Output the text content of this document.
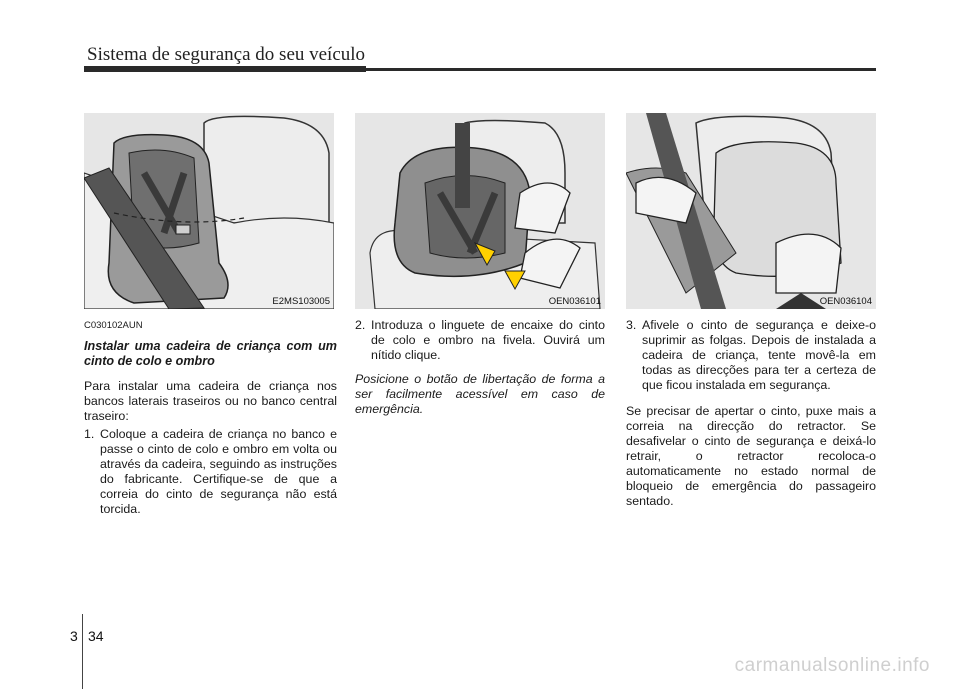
Sistema de segurança do seu veículo
E2MS103005	OEN036101	OEN036104

C030102AUN

Instalar uma cadeira de criança com um cinto de colo e ombro

Para instalar uma cadeira de criança nos bancos laterais traseiros ou no banco central traseiro:

1. Coloque a cadeira de criança no banco e passe o cinto de colo e ombro em volta ou através da cadeira, seguindo as instruções do fabricante. Certifique-se de que a correia do cinto de segurança não está torcida.
2. Introduza o linguete de encaixe do cinto de colo e ombro na fivela. Ouvirá um nítido clique.

Posicione o botão de libertação de forma a ser facilmente acessível em caso de emergência.

3. Afivele o cinto de segurança e deixe-o suprimir as folgas. Depois de instalada a cadeira de criança, tente movê-la em todas as direcções para ter a certeza de que ficou instalada em segurança.

Se precisar de apertar o cinto, puxe mais a correia na direcção do retractor. Se desafivelar o cinto de segurança e deixá-lo retrair, o retractor recoloca-o automaticamente no estado normal de bloqueio de emergência do passageiro sentado.

3 34
carmanualsonline.info
